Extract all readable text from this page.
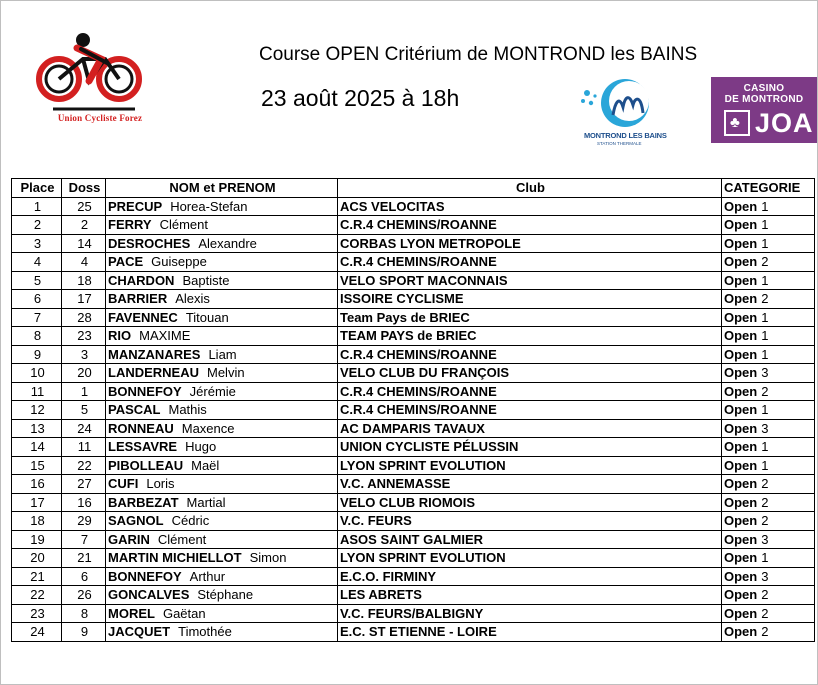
Union Cycliste Forez
Course OPEN Critérium de MONTROND les BAINS
23 août 2025 à 18h
MONTROND LES BAINS
STATION THERMALE
CASINO
DE MONTROND
♣ JOA
Place	Doss	NOM et PRENOM	Club	CATEGORIE
1	25	PRECUP Horea-Stefan	ACS VELOCITAS	Open 1
2	2	FERRY Clément	C.R.4 CHEMINS/ROANNE	Open 1
3	14	DESROCHES Alexandre	CORBAS LYON METROPOLE	Open 1
4	4	PACE Guiseppe	C.R.4 CHEMINS/ROANNE	Open 2
5	18	CHARDON Baptiste	VELO SPORT MACONNAIS	Open 1
6	17	BARRIER Alexis	ISSOIRE CYCLISME	Open 2
7	28	FAVENNEC Titouan	Team Pays de BRIEC	Open 1
8	23	RIO MAXIME	TEAM PAYS de BRIEC	Open 1
9	3	MANZANARES Liam	C.R.4 CHEMINS/ROANNE	Open 1
10	20	LANDERNEAU Melvin	VELO CLUB DU FRANÇOIS	Open 3
11	1	BONNEFOY Jérémie	C.R.4 CHEMINS/ROANNE	Open 2
12	5	PASCAL Mathis	C.R.4 CHEMINS/ROANNE	Open 1
13	24	RONNEAU Maxence	AC DAMPARIS TAVAUX	Open 3
14	11	LESSAVRE Hugo	UNION CYCLISTE PÉLUSSIN	Open 1
15	22	PIBOLLEAU Maël	LYON SPRINT EVOLUTION	Open 1
16	27	CUFI Loris	V.C. ANNEMASSE	Open 2
17	16	BARBEZAT Martial	VELO CLUB RIOMOIS	Open 2
18	29	SAGNOL Cédric	V.C. FEURS	Open 2
19	7	GARIN Clément	ASOS SAINT GALMIER	Open 3
20	21	MARTIN MICHIELLOT Simon	LYON SPRINT EVOLUTION	Open 1
21	6	BONNEFOY Arthur	E.C.O. FIRMINY	Open 3
22	26	GONCALVES Stéphane	LES ABRETS	Open 2
23	8	MOREL Gaëtan	V.C. FEURS/BALBIGNY	Open 2
24	9	JACQUET Timothée	E.C. ST ETIENNE - LOIRE	Open 2
